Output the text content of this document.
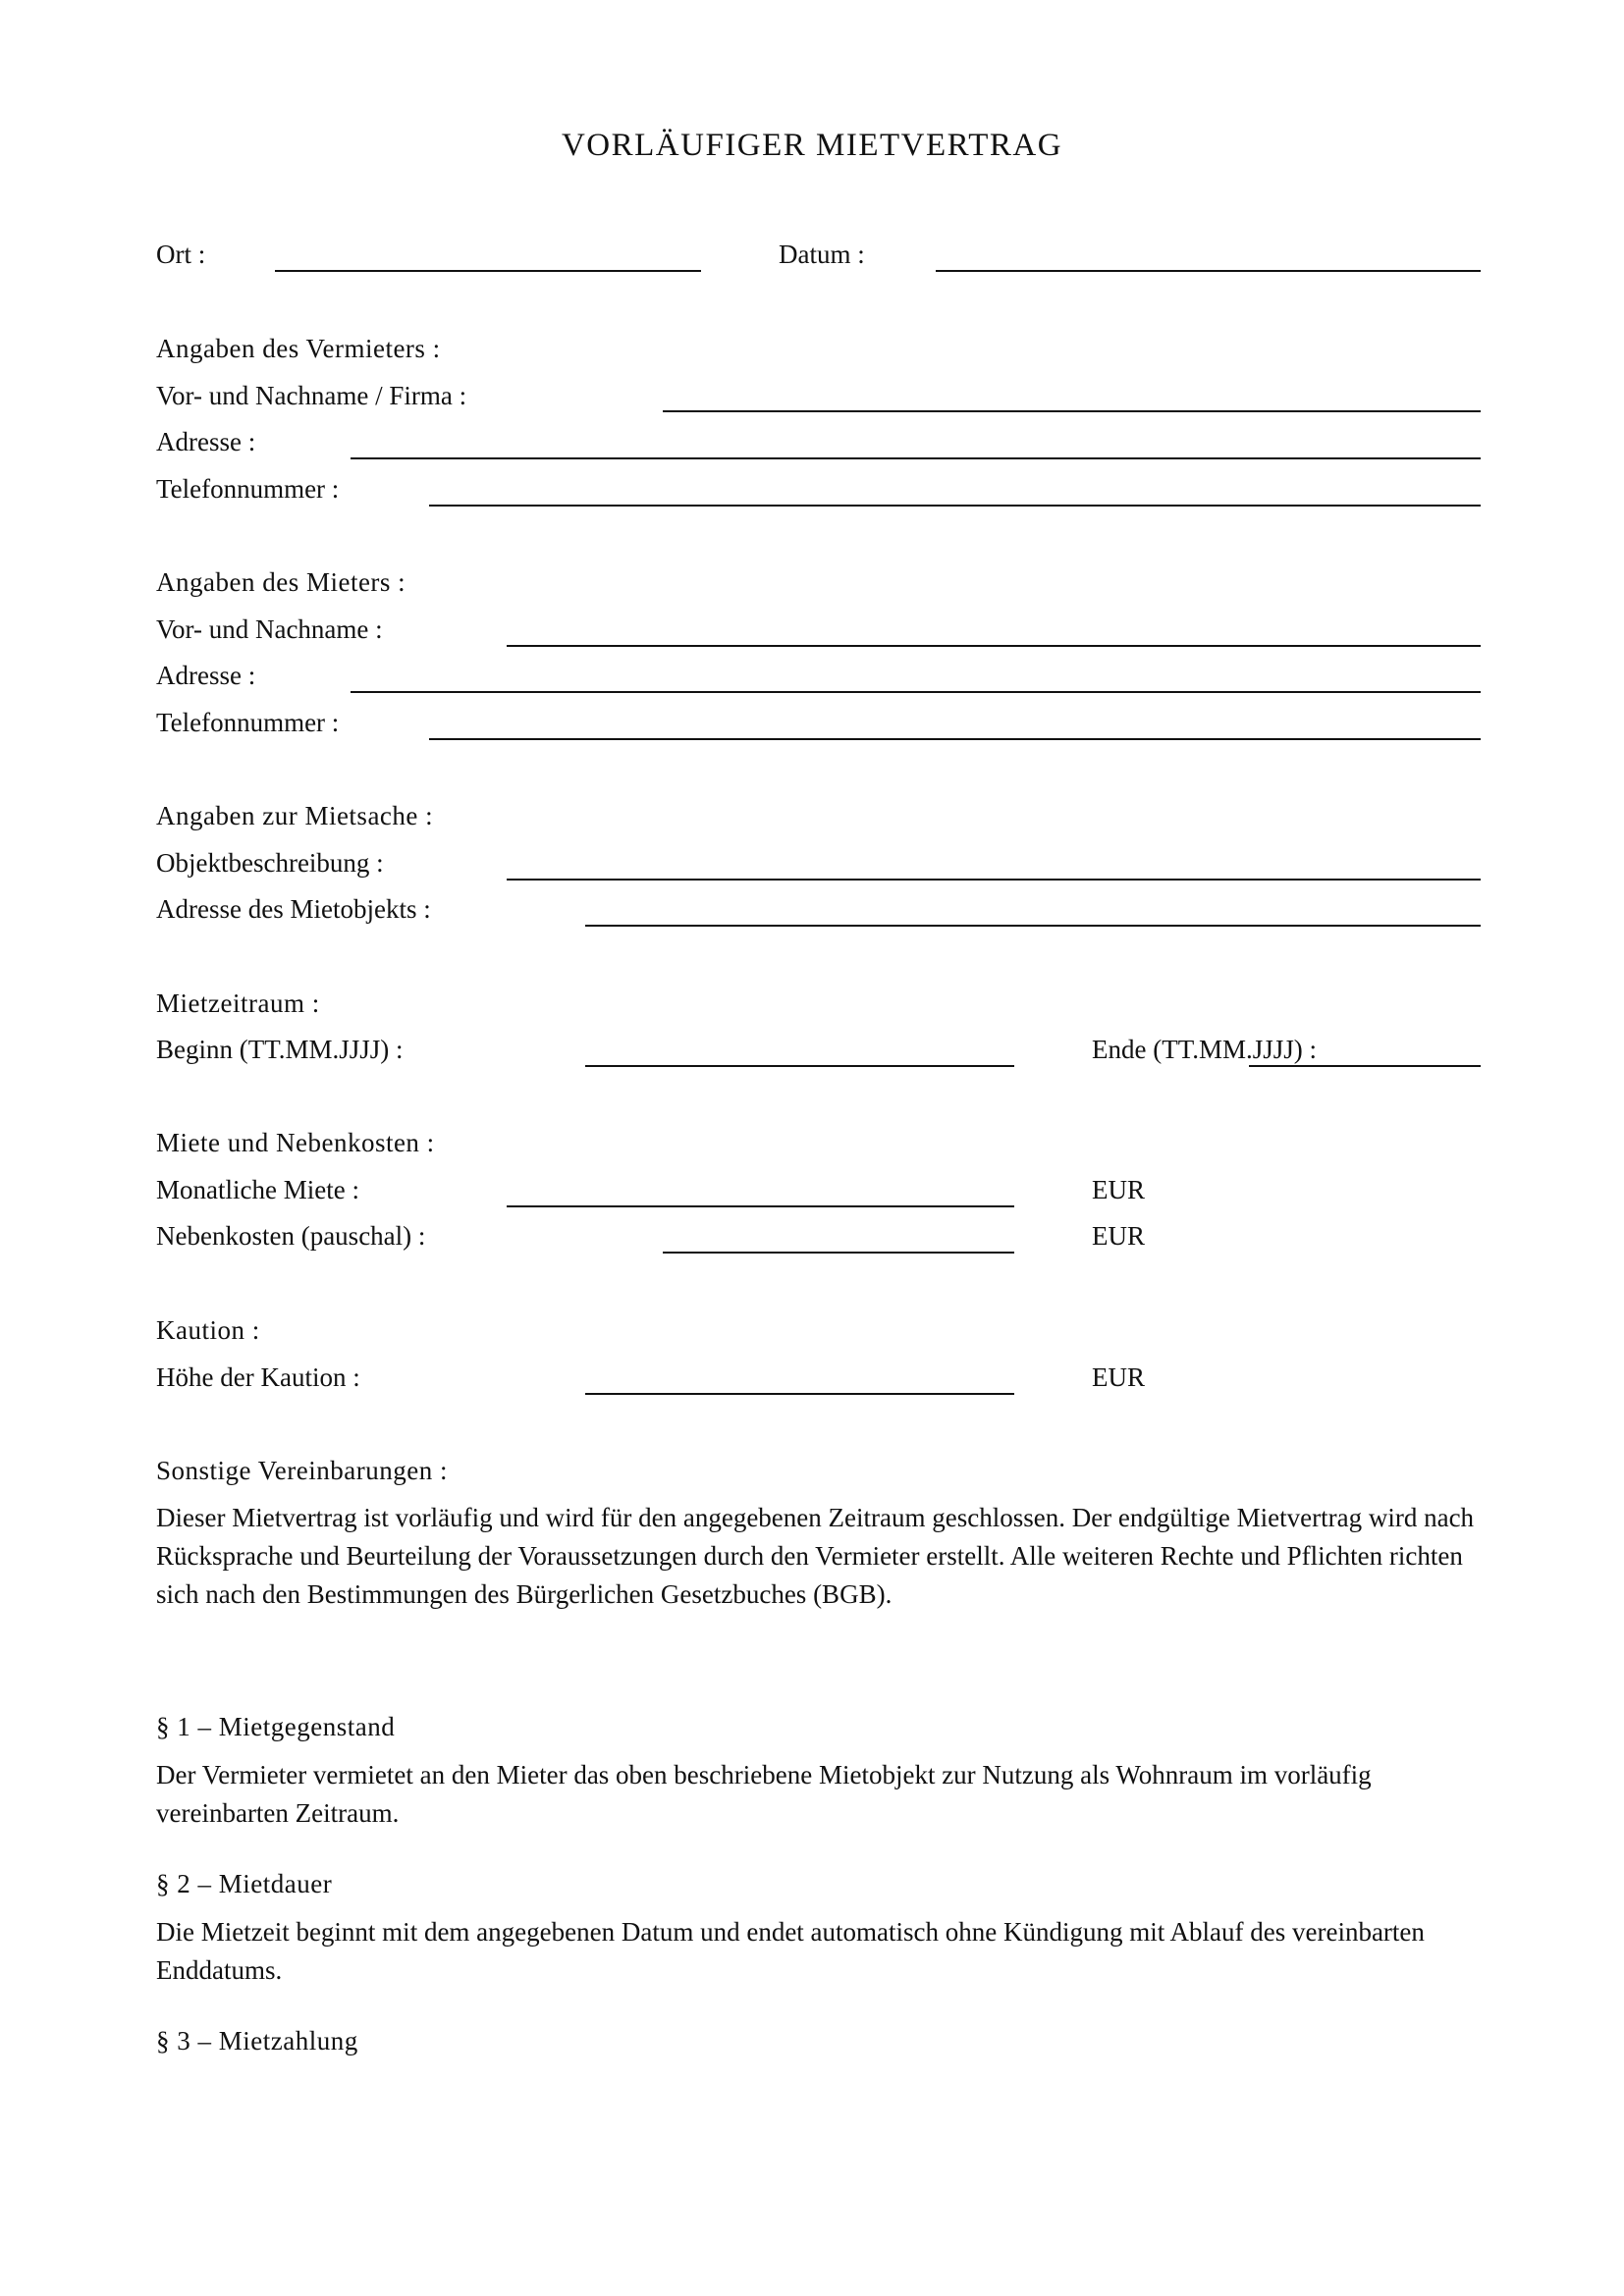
VORLÄUFIGER MIETVERTRAG
Ort :	Datum :
Angaben des Vermieters :
Vor- und Nachname / Firma :
Adresse :
Telefonnummer :
Angaben des Mieters :
Vor- und Nachname :
Adresse :
Telefonnummer :
Angaben zur Mietsache :
Objektbeschreibung :
Adresse des Mietobjekts :
Mietzeitraum :
Beginn (TT.MM.JJJJ) :	Ende (TT.MM.JJJJ) :
Miete und Nebenkosten :
Monatliche Miete :	EUR
Nebenkosten (pauschal) :	EUR
Kaution :
Höhe der Kaution :	EUR
Sonstige Vereinbarungen :
Dieser Mietvertrag ist vorläufig und wird für den angegebenen Zeitraum geschlossen. Der endgültige Mietvertrag wird nach Rücksprache und Beurteilung der Voraussetzungen durch den Vermieter erstellt. Alle weiteren Rechte und Pflichten richten sich nach den Bestimmungen des Bürgerlichen Gesetzbuches (BGB).
§ 1 – Mietgegenstand
Der Vermieter vermietet an den Mieter das oben beschriebene Mietobjekt zur Nutzung als Wohnraum im vorläufig vereinbarten Zeitraum.
§ 2 – Mietdauer
Die Mietzeit beginnt mit dem angegebenen Datum und endet automatisch ohne Kündigung mit Ablauf des vereinbarten Enddatums.
§ 3 – Mietzahlung
